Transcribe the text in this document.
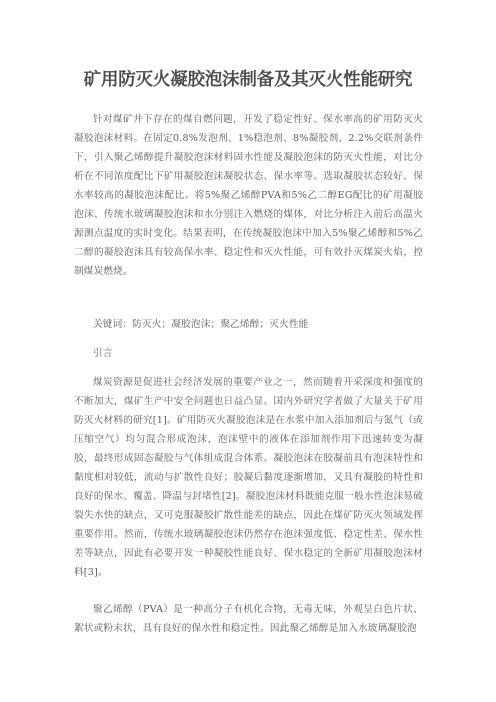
矿用防灭火凝胶泡沫制备及其灭火性能研究

针对煤矿井下存在的煤自燃问题，开发了稳定性好、保水率高的矿用防灭火凝胶泡沫材料。在固定0.8%发泡剂、1%稳泡剂、8%凝胶剂、2.2%交联剂条件下，引入聚乙烯醇提升凝胶泡沫材料固水性能及凝胶泡沫的防灭火性能，对比分析在不同浓度配比下矿用凝胶泡沫凝胶状态、保水率等。选取凝胶状态较好、保水率较高的凝胶泡沫配比。将5%聚乙烯醇PVA和5%乙二醇EG配比的矿用凝胶泡沫、传统水玻璃凝胶泡沫和水分别注入燃烧的煤体，对比分析注入前后高温火源测点温度的实时变化。结果表明，在传统凝胶泡沫中加入5%聚乙烯醇和5%乙二醇的凝胶泡沫具有较高保水率、稳定性和灭火性能，可有效扑灭煤炭火焰，控制煤炭燃烧。

关键词：防灭火；凝胶泡沫；聚乙烯醇；灭火性能

引言

煤炭资源是促进社会经济发展的重要产业之一，然而随着开采深度和强度的不断加大，煤矿生产中安全问题也日益凸显。国内外研究学者做了大量关于矿用防灭火材料的研究[1]。矿用防灭火凝胶泡沫是在水浆中加入添加剂后与氮气（或压缩空气）均匀混合形成泡沫，泡沫壁中的液体在添加剂作用下迅速转变为凝胶，最终形成固态凝胶与气体组成混合体系。凝胶泡沫在胶凝前具有泡沫特性和黏度相对较低，流动与扩散性良好；胶凝后黏度逐渐增加，又具有凝胶的特性和良好的保水、覆盖、降温与封堵性[2]。凝胶泡沫材料既能克服一般水性泡沫易破裂失水快的缺点，又可克服凝胶扩散性能差的缺点，因此在煤矿防灭火领域发挥重要作用。然而，传统水玻璃凝胶泡沫仍然存在泡沫强度低、稳定性差、保水性差等缺点，因此有必要开发一种凝胶性能良好、保水稳定的全新矿用凝胶泡沫材料[3]。

聚乙烯醇（PVA）是一种高分子有机化合物，无毒无味，外观呈白色片状、絮状或粉末状，具有良好的保水性和稳定性。因此聚乙烯醇是加入水玻璃凝胶泡
